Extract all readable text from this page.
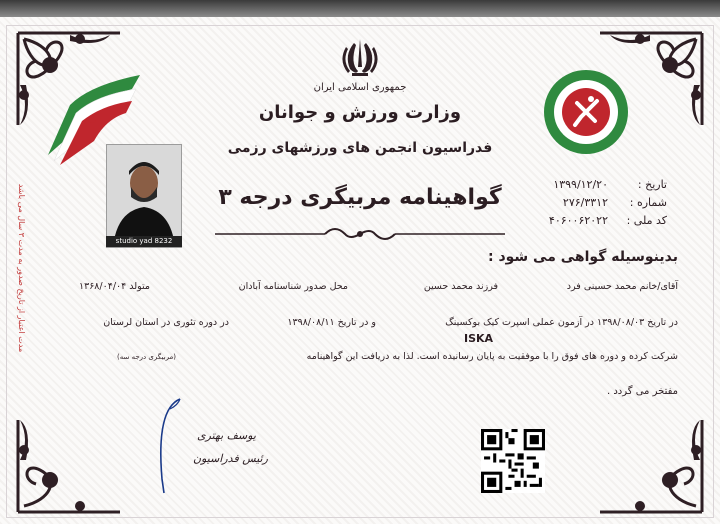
جمهوری اسلامی ایران
وزارت ورزش و جوانان
فدراسیون انجمن های ورزشهای رزمی
تاریخ :
۱۳۹۹/۱۲/۲۰
شماره :
۲۷۶/۳۳۱۲
کد ملی :
۴۰۶۰۰۶۲۰۲۲
گواهینامه مربیگری درجه ۳
studio yad 8232
مدت اعتبار از تاریخ صدور به مدت ۳ سال می باشد	بدینوسیله گواهی می شود :
آقای/خانم محمد حسینی فرد
فرزند محمد حسین
محل صدور شناسنامه آبادان
متولد ۱۳۶۸/۰۴/۰۴
در تاریخ ۱۳۹۸/۰۸/۰۳ در آزمون عملی اسپرت کیک بوکسینگ
و در تاریخ ۱۳۹۸/۰۸/۱۱
در دوره تئوری در استان لرستان
ISKA
شرکت کرده و دوره های فوق را با موفقیت به پایان رسانیده است. لذا به دریافت این گواهینامه
(مربیگری درجه سه)
مفتخر می گردد .
یوسف بهتری
رئیس فدراسیون
